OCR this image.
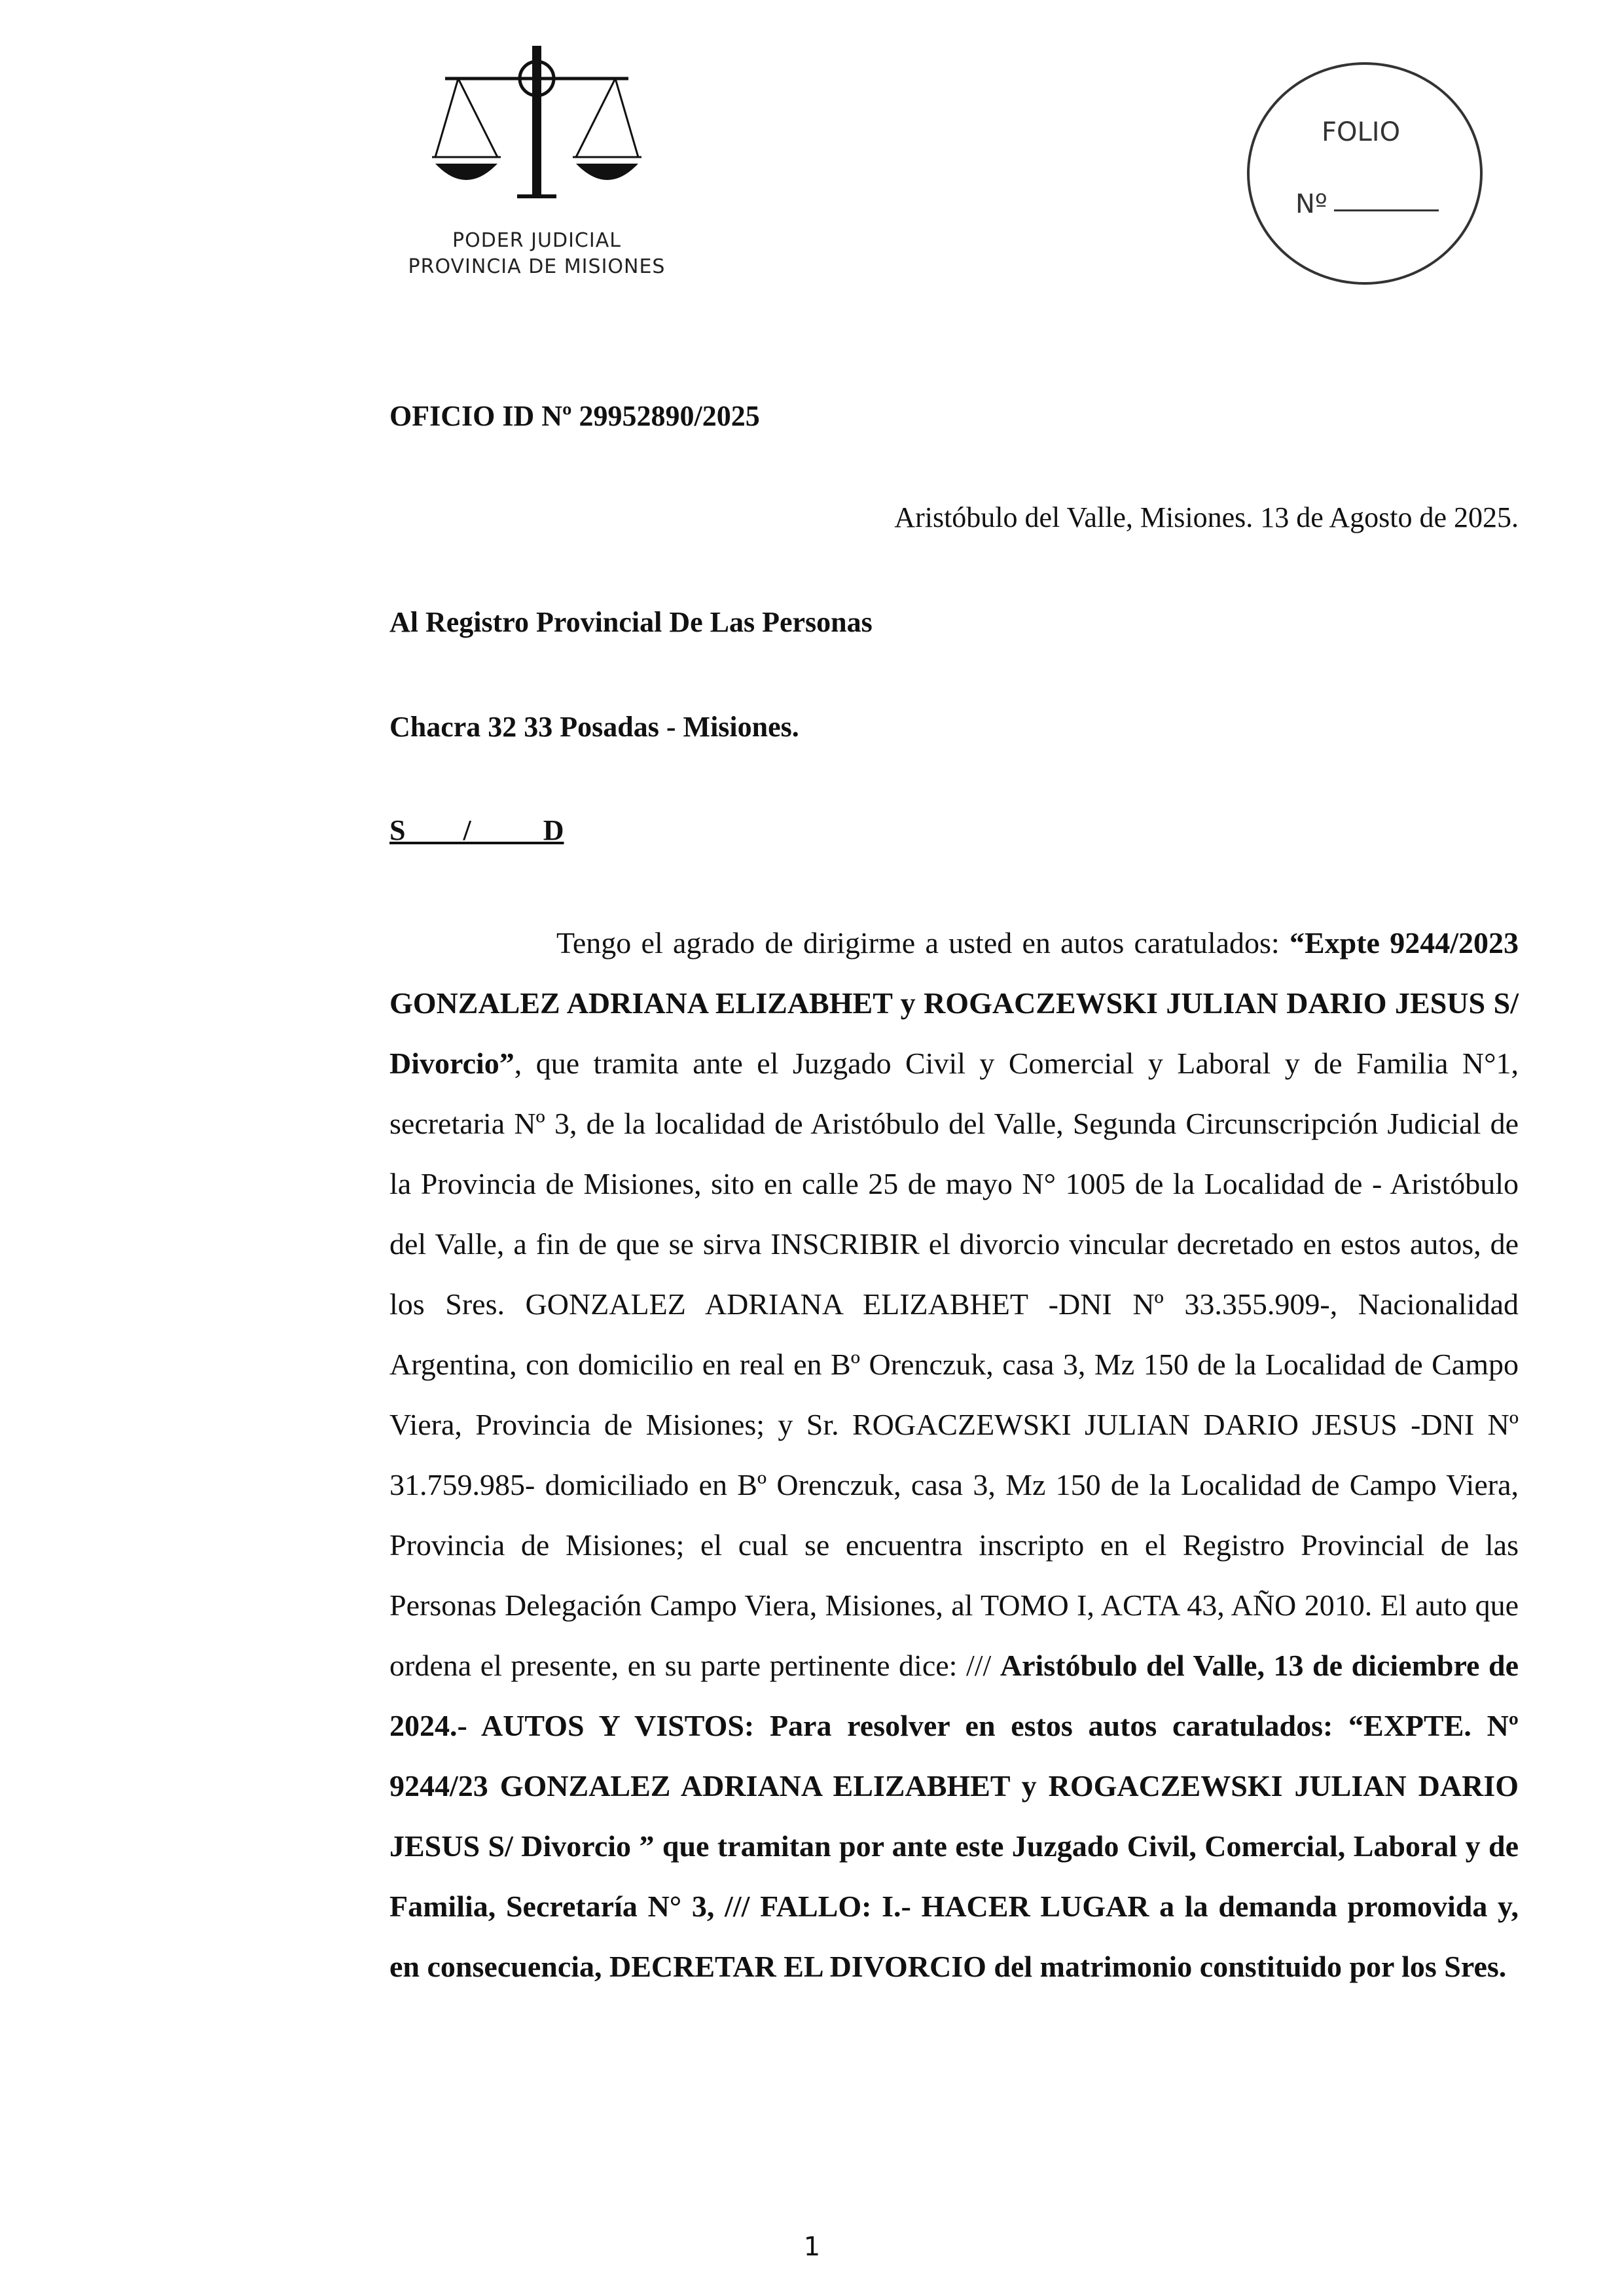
PODER JUDICIAL
PROVINCIA DE MISIONES
FOLIO
Nº
OFICIO ID Nº 29952890/2025
Aristóbulo del Valle, Misiones. 13 de Agosto de 2025.
Al Registro Provincial De Las Personas
Chacra 32 33 Posadas - Misiones.
S        /          D

Tengo el agrado de dirigirme a usted en autos caratulados: “Expte 9244/2023 GONZALEZ ADRIANA ELIZABHET y ROGACZEWSKI JULIAN DARIO JESUS S/ Divorcio”, que tramita ante el Juzgado Civil y Comercial y Laboral y de Familia N°1, secretaria Nº 3, de la localidad de Aristóbulo del Valle, Segunda Circunscripción Judicial de la Provincia de Misiones, sito en calle 25 de mayo N° 1005 de la Localidad de - Aristóbulo del Valle, a fin de que se sirva INSCRIBIR el divorcio vincular decretado en estos autos, de los Sres. GONZALEZ ADRIANA ELIZABHET -DNI Nº 33.355.909-, Nacionalidad Argentina, con domicilio en real en Bº Orenczuk, casa 3, Mz 150 de la Localidad de Campo Viera, Provincia de Misiones; y Sr. ROGACZEWSKI JULIAN DARIO JESUS -DNI Nº 31.759.985- domiciliado en Bº Orenczuk, casa 3, Mz 150 de la Localidad de Campo Viera, Provincia de Misiones; el cual se encuentra inscripto en el Registro Provincial de las Personas Delegación Campo Viera, Misiones, al TOMO I, ACTA 43, AÑO 2010. El auto que ordena el presente, en su parte pertinente dice: /// Aristóbulo del Valle, 13 de diciembre de 2024.- AUTOS Y VISTOS: Para resolver en estos autos caratulados: “EXPTE. Nº 9244/23 GONZALEZ ADRIANA ELIZABHET y ROGACZEWSKI JULIAN DARIO JESUS S/ Divorcio ” que tramitan por ante este Juzgado Civil, Comercial, Laboral y de Familia, Secretaría N° 3, /// FALLO: I.- HACER LUGAR a la demanda promovida y, en consecuencia, DECRETAR EL DIVORCIO del matrimonio constituido por los Sres.

1
